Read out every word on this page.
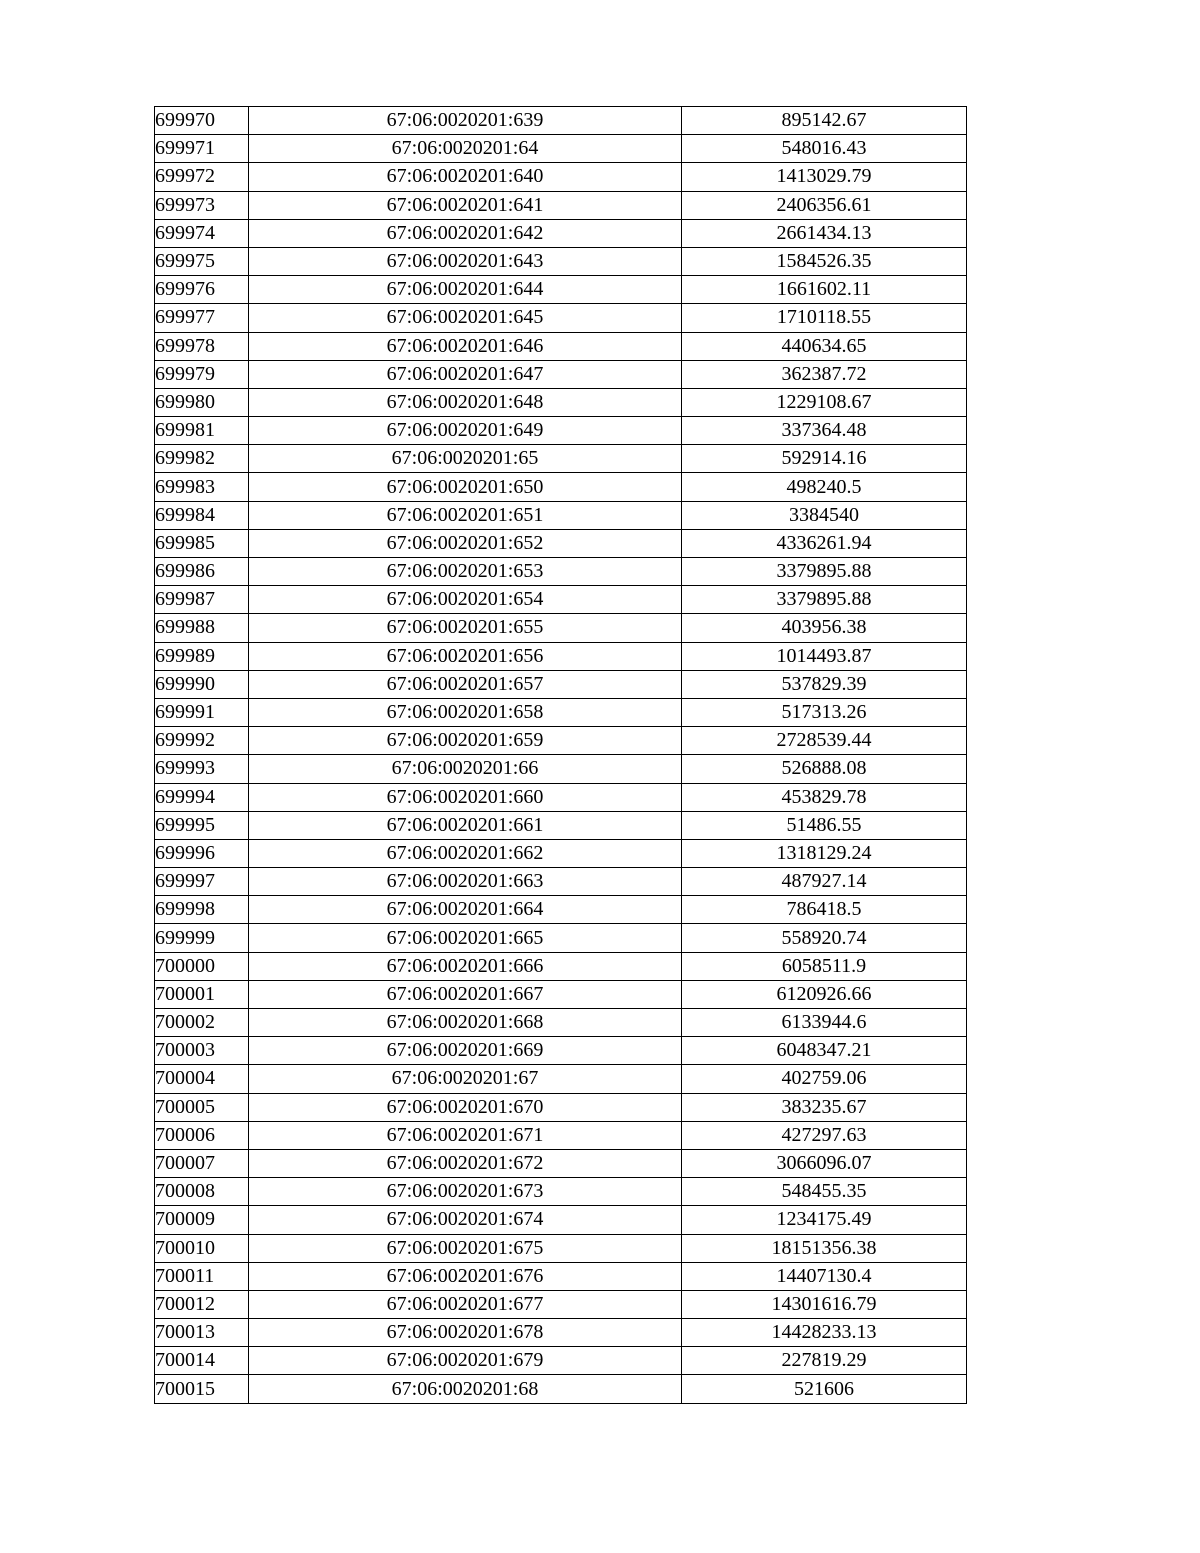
699970	67:06:0020201:639	895142.67
699971	67:06:0020201:64	548016.43
699972	67:06:0020201:640	1413029.79
699973	67:06:0020201:641	2406356.61
699974	67:06:0020201:642	2661434.13
699975	67:06:0020201:643	1584526.35
699976	67:06:0020201:644	1661602.11
699977	67:06:0020201:645	1710118.55
699978	67:06:0020201:646	440634.65
699979	67:06:0020201:647	362387.72
699980	67:06:0020201:648	1229108.67
699981	67:06:0020201:649	337364.48
699982	67:06:0020201:65	592914.16
699983	67:06:0020201:650	498240.5
699984	67:06:0020201:651	3384540
699985	67:06:0020201:652	4336261.94
699986	67:06:0020201:653	3379895.88
699987	67:06:0020201:654	3379895.88
699988	67:06:0020201:655	403956.38
699989	67:06:0020201:656	1014493.87
699990	67:06:0020201:657	537829.39
699991	67:06:0020201:658	517313.26
699992	67:06:0020201:659	2728539.44
699993	67:06:0020201:66	526888.08
699994	67:06:0020201:660	453829.78
699995	67:06:0020201:661	51486.55
699996	67:06:0020201:662	1318129.24
699997	67:06:0020201:663	487927.14
699998	67:06:0020201:664	786418.5
699999	67:06:0020201:665	558920.74
700000	67:06:0020201:666	6058511.9
700001	67:06:0020201:667	6120926.66
700002	67:06:0020201:668	6133944.6
700003	67:06:0020201:669	6048347.21
700004	67:06:0020201:67	402759.06
700005	67:06:0020201:670	383235.67
700006	67:06:0020201:671	427297.63
700007	67:06:0020201:672	3066096.07
700008	67:06:0020201:673	548455.35
700009	67:06:0020201:674	1234175.49
700010	67:06:0020201:675	18151356.38
700011	67:06:0020201:676	14407130.4
700012	67:06:0020201:677	14301616.79
700013	67:06:0020201:678	14428233.13
700014	67:06:0020201:679	227819.29
700015	67:06:0020201:68	521606
